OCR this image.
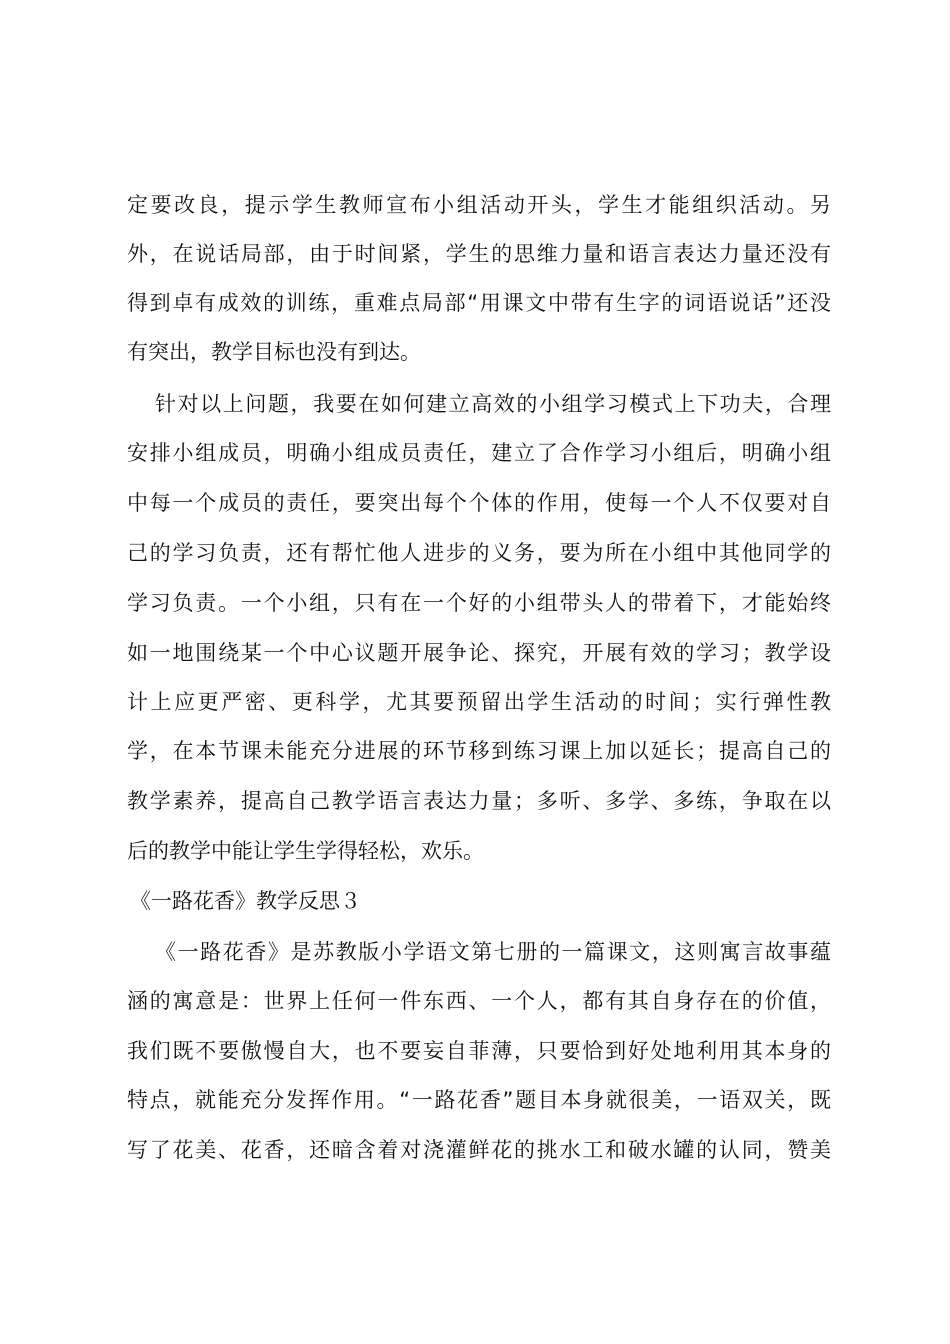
定要改良，提示学生教师宣布小组活动开头，学生才能组织活动。另

外，在说话局部，由于时间紧，学生的思维力量和语言表达力量还没有

得到卓有成效的训练，重难点局部“用课文中带有生字的词语说话”还没

有突出，教学目标也没有到达。

针对以上问题，我要在如何建立高效的小组学习模式上下功夫，合理

安排小组成员，明确小组成员责任，建立了合作学习小组后，明确小组

中每一个成员的责任，要突出每个个体的作用，使每一个人不仅要对自

己的学习负责，还有帮忙他人进步的义务，要为所在小组中其他同学的

学习负责。一个小组，只有在一个好的小组带头人的带着下，才能始终

如一地围绕某一个中心议题开展争论、探究，开展有效的学习；教学设

计上应更严密、更科学，尤其要预留出学生活动的时间；实行弹性教

学，在本节课未能充分进展的环节移到练习课上加以延长；提高自己的

教学素养，提高自己教学语言表达力量；多听、多学、多练，争取在以

后的教学中能让学生学得轻松，欢乐。

《一路花香》教学反思３

《一路花香》是苏教版小学语文第七册的一篇课文，这则寓言故事蕴

涵的寓意是：世界上任何一件东西、一个人，都有其自身存在的价值，

我们既不要傲慢自大，也不要妄自菲薄，只要恰到好处地利用其本身的

特点，就能充分发挥作用。“一路花香”题目本身就很美，一语双关，既

写了花美、花香，还暗含着对浇灌鲜花的挑水工和破水罐的认同，赞美
